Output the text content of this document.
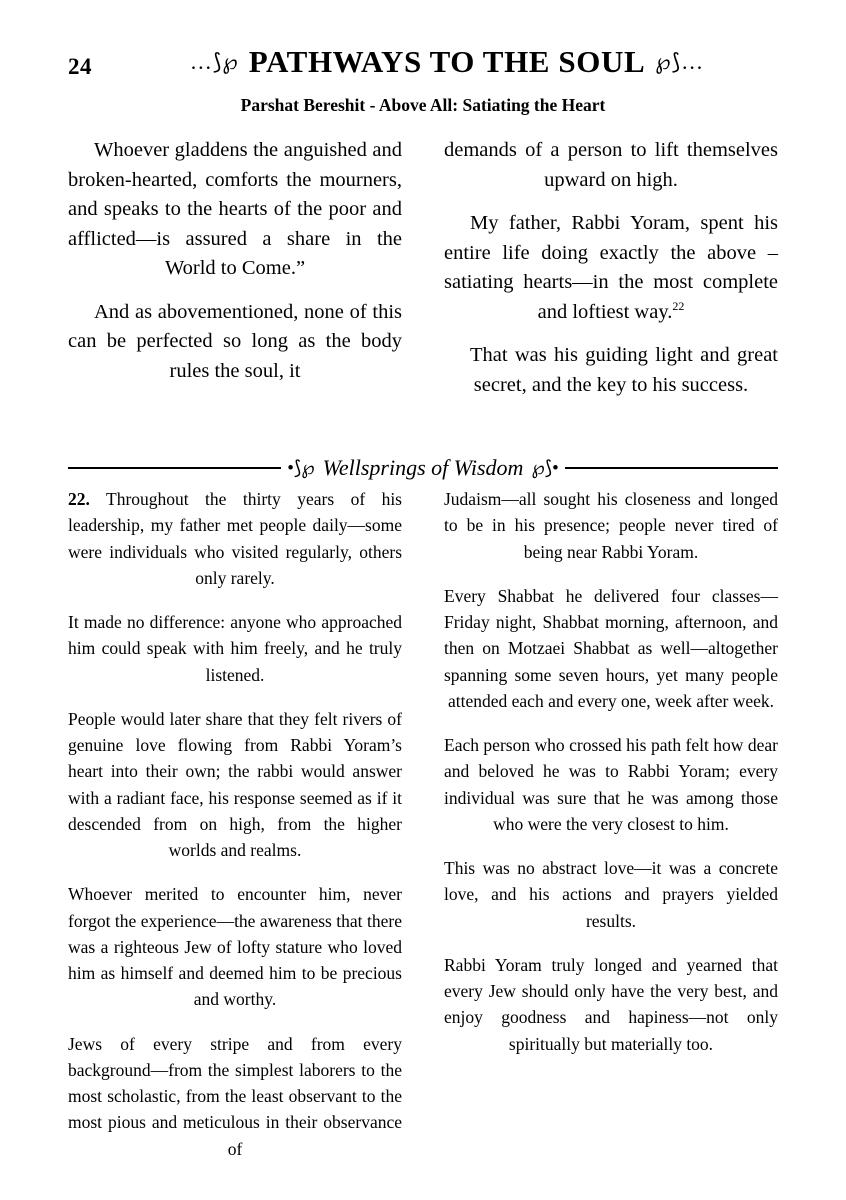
24	…⟆℘ PATHWAYS TO THE SOUL ℘⟆…
Parshat Bereshit - Above All: Satiating the Heart

Whoever gladdens the anguished and broken-hearted, comforts the mourners, and speaks to the hearts of the poor and afflicted—is assured a share in the World to Come.”

And as abovementioned, none of this can be perfected so long as the body rules the soul, it

demands of a person to lift themselves upward on high.

My father, Rabbi Yoram, spent his entire life doing exactly the above – satiating hearts—in the most complete and loftiest way.$^{22}$

That was his guiding light and great secret, and the key to his success.

•⟆℘ Wellsprings of Wisdom ℘⟆•

22. Throughout the thirty years of his leadership, my father met people daily—some were individuals who visited regularly, others only rarely.

It made no difference: anyone who approached him could speak with him freely, and he truly listened.

People would later share that they felt rivers of genuine love flowing from Rabbi Yoram’s heart into their own; the rabbi would answer with a radiant face, his response seemed as if it descended from on high, from the higher worlds and realms.

Whoever merited to encounter him, never forgot the experience—the awareness that there was a righteous Jew of lofty stature who loved him as himself and deemed him to be precious and worthy.

Jews of every stripe and from every background—from the simplest laborers to the most scholastic, from the least observant to the most pious and meticulous in their observance of

Judaism—all sought his closeness and longed to be in his presence; people never tired of being near Rabbi Yoram.

Every Shabbat he delivered four classes—Friday night, Shabbat morning, afternoon, and then on Motzaei Shabbat as well—altogether spanning some seven hours, yet many people attended each and every one, week after week.

Each person who crossed his path felt how dear and beloved he was to Rabbi Yoram; every individual was sure that he was among those who were the very closest to him.

This was no abstract love—it was a concrete love, and his actions and prayers yielded results.

Rabbi Yoram truly longed and yearned that every Jew should only have the very best, and enjoy goodness and hapiness—not only spiritually but materially too.
